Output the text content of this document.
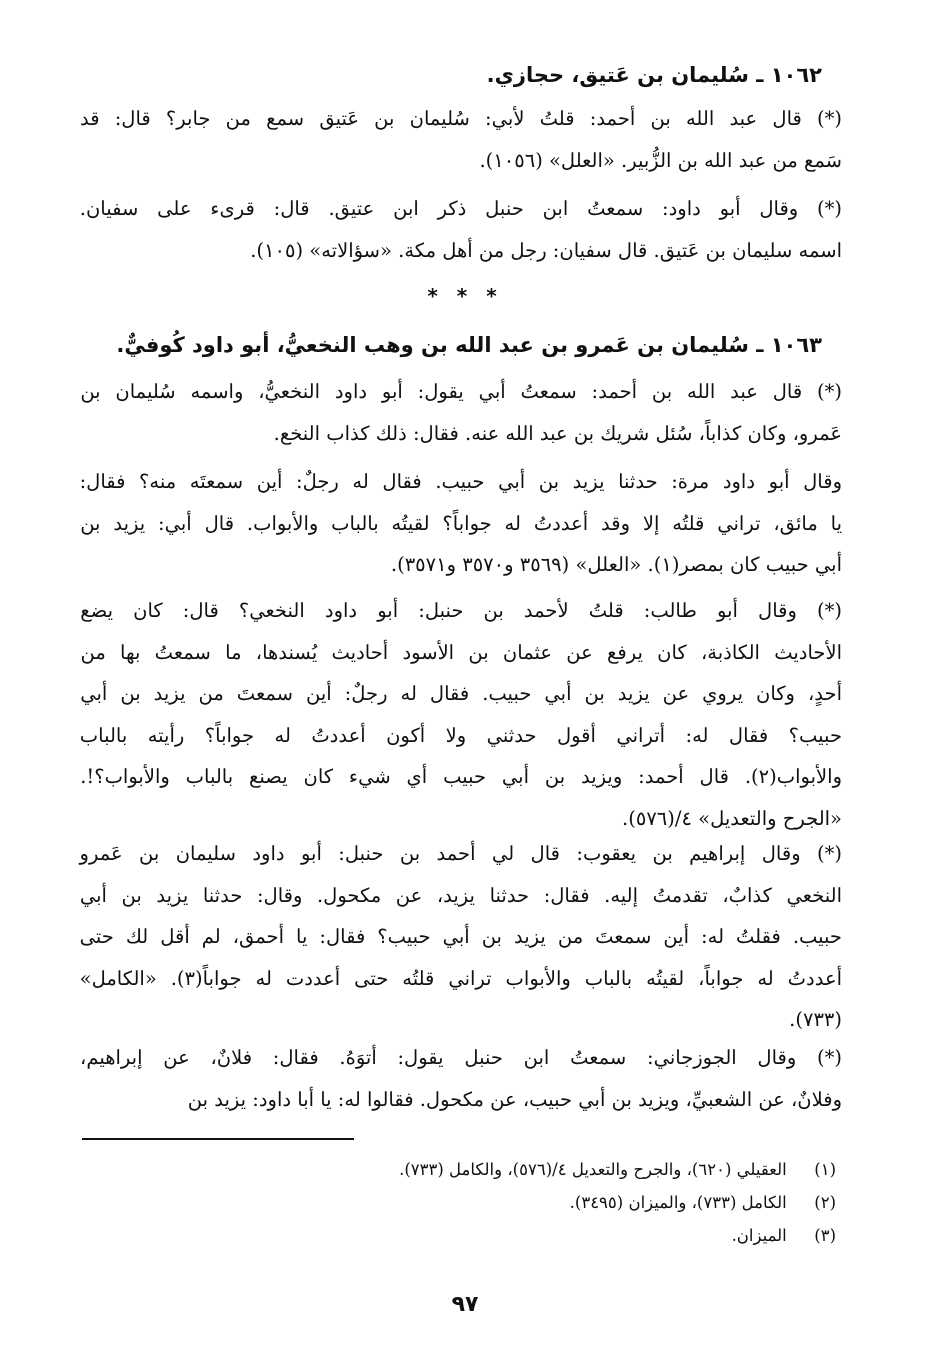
١٠٦٢ ـ سُليمان بن عَتيق، حجازي.

(*) قال عبد الله بن أحمد: قلتُ لأبي: سُليمان بن عَتيق سمع من جابر؟ قال: قد
سَمع من عبد الله بن الزُّبير. «العلل» (١٠٥٦).

(*) وقال أبو داود: سمعتُ ابن حنبل ذكر ابن عتيق. قال: قرىء على سفيان.
اسمه سليمان بن عَتيق. قال سفيان: رجل من أهل مكة. «سؤالاته» (١٠٥).

* * *
١٠٦٣ ـ سُليمان بن عَمرو بن عبد الله بن وهب النخعيُّ، أبو داود كُوفيٌّ.

(*) قال عبد الله بن أحمد: سمعتُ أبي يقول: أبو داود النخعيُّ، واسمه سُليمان بن
عَمرو، وكان كذاباً، سُئل شريك بن عبد الله عنه. فقال: ذلك كذاب النخع.

وقال أبو داود مرة: حدثنا يزيد بن أبي حبيب. فقال له رجلٌ: أين سمعتَه منه؟ فقال:
يا مائق، تراني قلتُه إلا وقد أعددتُ له جواباً؟ لقيتُه بالباب والأبواب. قال أبي: يزيد بن
أبي حبيب كان بمصر(١). «العلل» (٣٥٦٩ و٣٥٧٠ و٣٥٧١).

(*) وقال أبو طالب: قلتُ لأحمد بن حنبل: أبو داود النخعي؟ قال: كان يضع
الأحاديث الكاذبة، كان يرفع عن عثمان بن الأسود أحاديث يُسندها، ما سمعتُ بها من
أحدٍ، وكان يروي عن يزيد بن أبي حبيب. فقال له رجلٌ: أين سمعتَ من يزيد بن أبي
حبيب؟ فقال له: أتراني أقول حدثني ولا أكون أعددتُ له جواباً؟ رأيته بالباب
والأبواب(٢). قال أحمد: ويزيد بن أبي حبيب أي شيء كان يصنع بالباب والأبواب؟!.
«الجرح والتعديل» ٤/(٥٧٦).

(*) وقال إبراهيم بن يعقوب: قال لي أحمد بن حنبل: أبو داود سليمان بن عَمرو
النخعي كذابٌ، تقدمتُ إليه. فقال: حدثنا يزيد، عن مكحول. وقال: حدثنا يزيد بن أبي
حبيب. فقلتُ له: أين سمعتَ من يزيد بن أبي حبيب؟ فقال: يا أحمق، لم أقل لك حتى
أعددتُ له جواباً، لقيتُه بالباب والأبواب تراني قلتُه حتى أعددت له جواباً(٣). «الكامل»
(٧٣٣).

(*) وقال الجوزجاني: سمعتُ ابن حنبل يقول: أتوَهُ. فقال: فلانٌ، عن إبراهيم،
وفلانٌ، عن الشعبيِّ، ويزيد بن أبي حبيب، عن مكحول. فقالوا له: يا أبا داود: يزيد بن

(١) العقيلي (٦٢٠)، والجرح والتعديل ٤/(٥٧٦)، والكامل (٧٣٣).
(٢) الكامل (٧٣٣)، والميزان (٣٤٩٥).
(٣) الميزان.
٩٧
